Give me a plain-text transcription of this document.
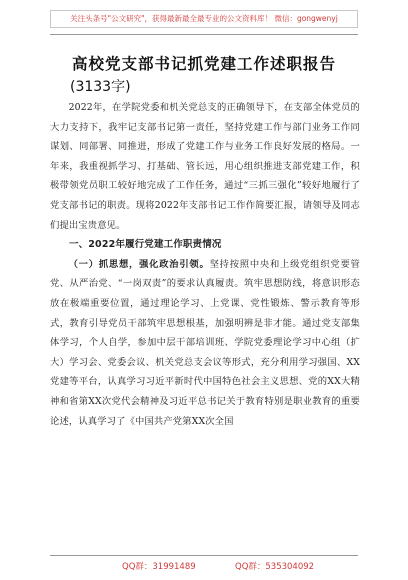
关注头条号"公文研究"，获得最新最全最专业的公文资料库！ 微信：gongwenyj
高校党支部书记抓党建工作述职报告
(3133字)

2022年，在学院党委和机关党总支的正确领导下，在支部全体党员的大力支持下，我牢记支部书记第一责任，坚持党建工作与部门业务工作同谋划、同部署、同推进，形成了党建工作与业务工作良好发展的格局。一年来，我重视抓学习、打基础、管长远，用心组织推进支部党建工作，积极带领党员职工较好地完成了工作任务，通过“三抓三强化”较好地履行了党支部书记的职责。现将2022年支部书记工作作简要汇报，请领导及同志们提出宝贵意见。

一、2022年履行党建工作职责情况

（一）抓思想，强化政治引领。坚持按照中央和上级党组织党要管党、从严治党、“一岗双责”的要求认真履责。筑牢思想防线，将意识形态放在极端重要位置，通过理论学习、上党课、党性锻炼、警示教育等形式，教育引导党员干部筑牢思想根基，加强明辨是非才能。通过党支部集体学习，个人自学，参加中层干部培训班、学院党委理论学习中心组（扩大）学习会、党委会议、机关党总支会议等形式，充分利用学习强国、XX党建等平台，认真学习习近平新时代中国特色社会主义思想、党的XX大精神和省第XX次党代会精神及习近平总书记关于教育特别是职业教育的重要论述，认真学习了《中国共产党第XX次全国

QQ群：31991489	QQ群：535304092
